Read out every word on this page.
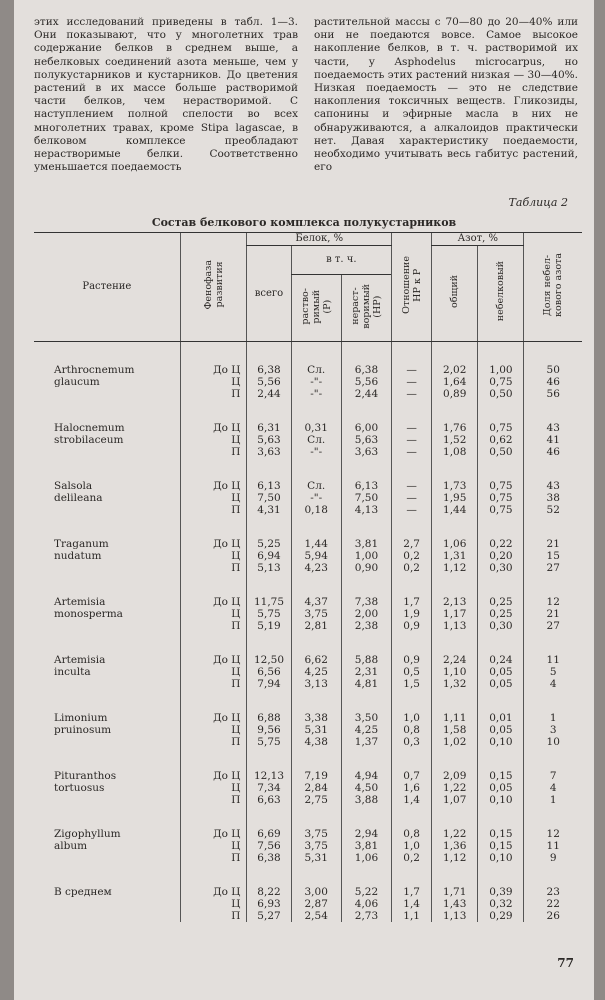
этих исследований приведены в табл. 1—3. Они показывают, что у многолетних трав содержание белков в среднем выше, а небелковых соединений азота меньше, чем у полукустарников и кустарников. До цветения растений в их массе больше растворимой части белков, чем нерастворимой. С наступлением полной спелости во всех многолетних травах, кроме Stipa lagascae, в белковом комплексе преобладают нерастворимые белки. Соответственно уменьшается поедаемость

растительной массы с 70—80 до 20—40% или они не поедаются вовсе. Самое высокое накопление белков, в т. ч. растворимой их части, у Asphodelus microcarpus, но поедаемость этих растений низкая — 30—40%. Низкая поедаемость — это не следствие накопления токсичных веществ. Гликозиды, сапонины и эфирные масла в них не обнаруживаются, а алкалоидов практически нет. Давая характеристику поедаемости, необходимо учитывать весь габитус растений, его

Таблица 2
Состав белкового комплекса полукустарников
Растение	Фенофаза
развития	Белок, %			Отношение
НР к Р	Азот, %		Доля небел-
кового азота
		всего	в т. ч.			общий	небелковый	
			раство-
римый
(Р)	нераст-
воримый
(НР)				

Arthrocnemum	До Ц	6,38	Сл.	6,38	—	2,02	1,00	50
glaucum	Ц	5,56	-"-	5,56	—	1,64	0,75	46
	П	2,44	-"-	2,44	—	0,89	0,50	56

Halocnemum	До Ц	6,31	0,31	6,00	—	1,76	0,75	43
strobilaceum	Ц	5,63	Сл.	5,63	—	1,52	0,62	41
	П	3,63	-"-	3,63	—	1,08	0,50	46

Salsola	До Ц	6,13	Сл.	6,13	—	1,73	0,75	43
delileana	Ц	7,50	-"-	7,50	—	1,95	0,75	38
	П	4,31	0,18	4,13	—	1,44	0,75	52

Traganum	До Ц	5,25	1,44	3,81	2,7	1,06	0,22	21
nudatum	Ц	6,94	5,94	1,00	0,2	1,31	0,20	15
	П	5,13	4,23	0,90	0,2	1,12	0,30	27

Artemisia	До Ц	11,75	4,37	7,38	1,7	2,13	0,25	12
monosperma	Ц	5,75	3,75	2,00	1,9	1,17	0,25	21
	П	5,19	2,81	2,38	0,9	1,13	0,30	27

Artemisia	До Ц	12,50	6,62	5,88	0,9	2,24	0,24	11
inculta	Ц	6,56	4,25	2,31	0,5	1,10	0,05	5
	П	7,94	3,13	4,81	1,5	1,32	0,05	4

Limonium	До Ц	6,88	3,38	3,50	1,0	1,11	0,01	1
pruinosum	Ц	9,56	5,31	4,25	0,8	1,58	0,05	3
	П	5,75	4,38	1,37	0,3	1,02	0,10	10

Pituranthos	До Ц	12,13	7,19	4,94	0,7	2,09	0,15	7
tortuosus	Ц	7,34	2,84	4,50	1,6	1,22	0,05	4
	П	6,63	2,75	3,88	1,4	1,07	0,10	1

Zigophyllum	До Ц	6,69	3,75	2,94	0,8	1,22	0,15	12
album	Ц	7,56	3,75	3,81	1,0	1,36	0,15	11
	П	6,38	5,31	1,06	0,2	1,12	0,10	9

В среднем	До Ц	8,22	3,00	5,22	1,7	1,71	0,39	23
	Ц	6,93	2,87	4,06	1,4	1,43	0,32	22
	П	5,27	2,54	2,73	1,1	1,13	0,29	26
77
